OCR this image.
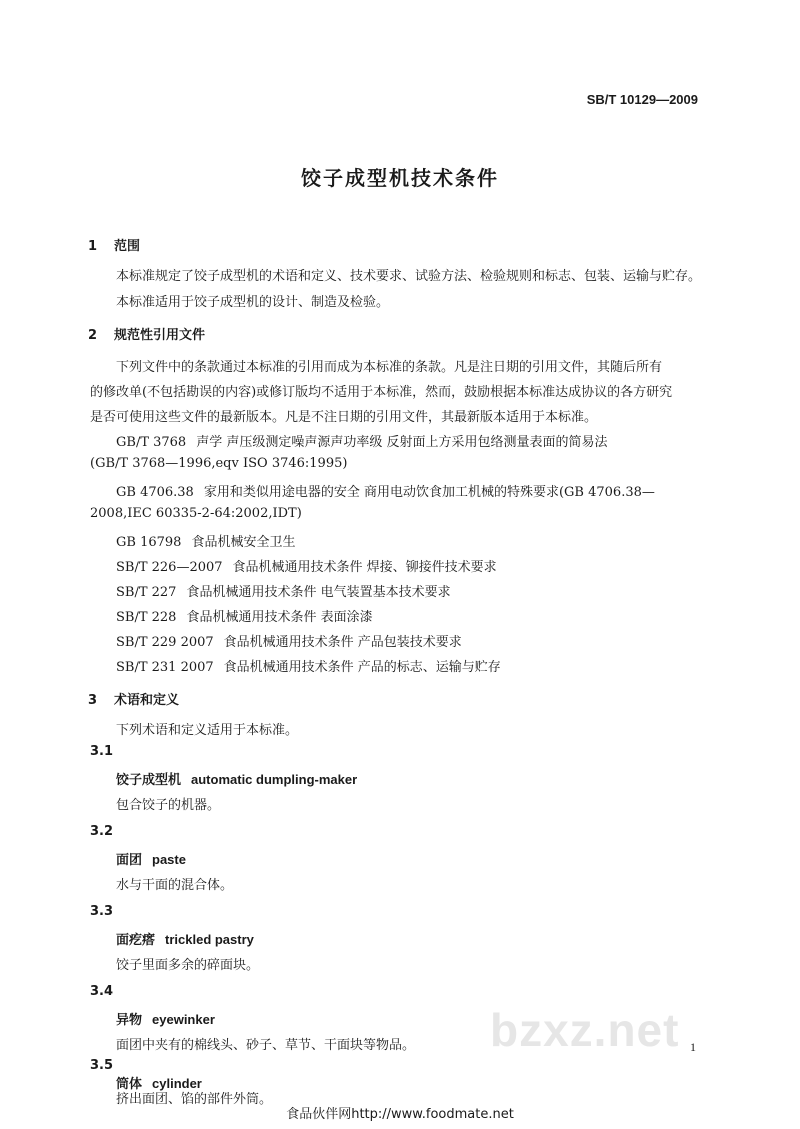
SB/T 10129—2009
饺子成型机技术条件
1 范围
本标准规定了饺子成型机的术语和定义、技术要求、试验方法、检验规则和标志、包装、运输与贮存。
本标准适用于饺子成型机的设计、制造及检验。
2 规范性引用文件
下列文件中的条款通过本标准的引用而成为本标准的条款。凡是注日期的引用文件，其随后所有
的修改单(不包括勘误的内容)或修订版均不适用于本标准，然而，鼓励根据本标准达成协议的各方研究
是否可使用这些文件的最新版本。凡是不注日期的引用文件，其最新版本适用于本标准。
GB/T 3768 声学 声压级测定噪声源声功率级 反射面上方采用包络测量表面的简易法
(GB/T 3768—1996,eqv ISO 3746:1995)
GB 4706.38 家用和类似用途电器的安全 商用电动饮食加工机械的特殊要求(GB 4706.38—
2008,IEC 60335-2-64:2002,IDT)
GB 16798 食品机械安全卫生
SB/T 226—2007 食品机械通用技术条件 焊接、铆接件技术要求
SB/T 227 食品机械通用技术条件 电气装置基本技术要求
SB/T 228 食品机械通用技术条件 表面涂漆
SB/T 229 2007 食品机械通用技术条件 产品包装技术要求
SB/T 231 2007 食品机械通用技术条件 产品的标志、运输与贮存
3 术语和定义
下列术语和定义适用于本标准。
3.1
饺子成型机 automatic dumpling-maker
包合饺子的机器。
3.2
面团 paste
水与干面的混合体。
3.3
面疙瘩 trickled pastry
饺子里面多余的碎面块。
3.4
异物 eyewinker
面团中夹有的棉线头、砂子、草节、干面块等物品。
3.5
筒体 cylinder
挤出面团、馅的部件外筒。
bzxz.net 1
食品伙伴网http://www.foodmate.net
